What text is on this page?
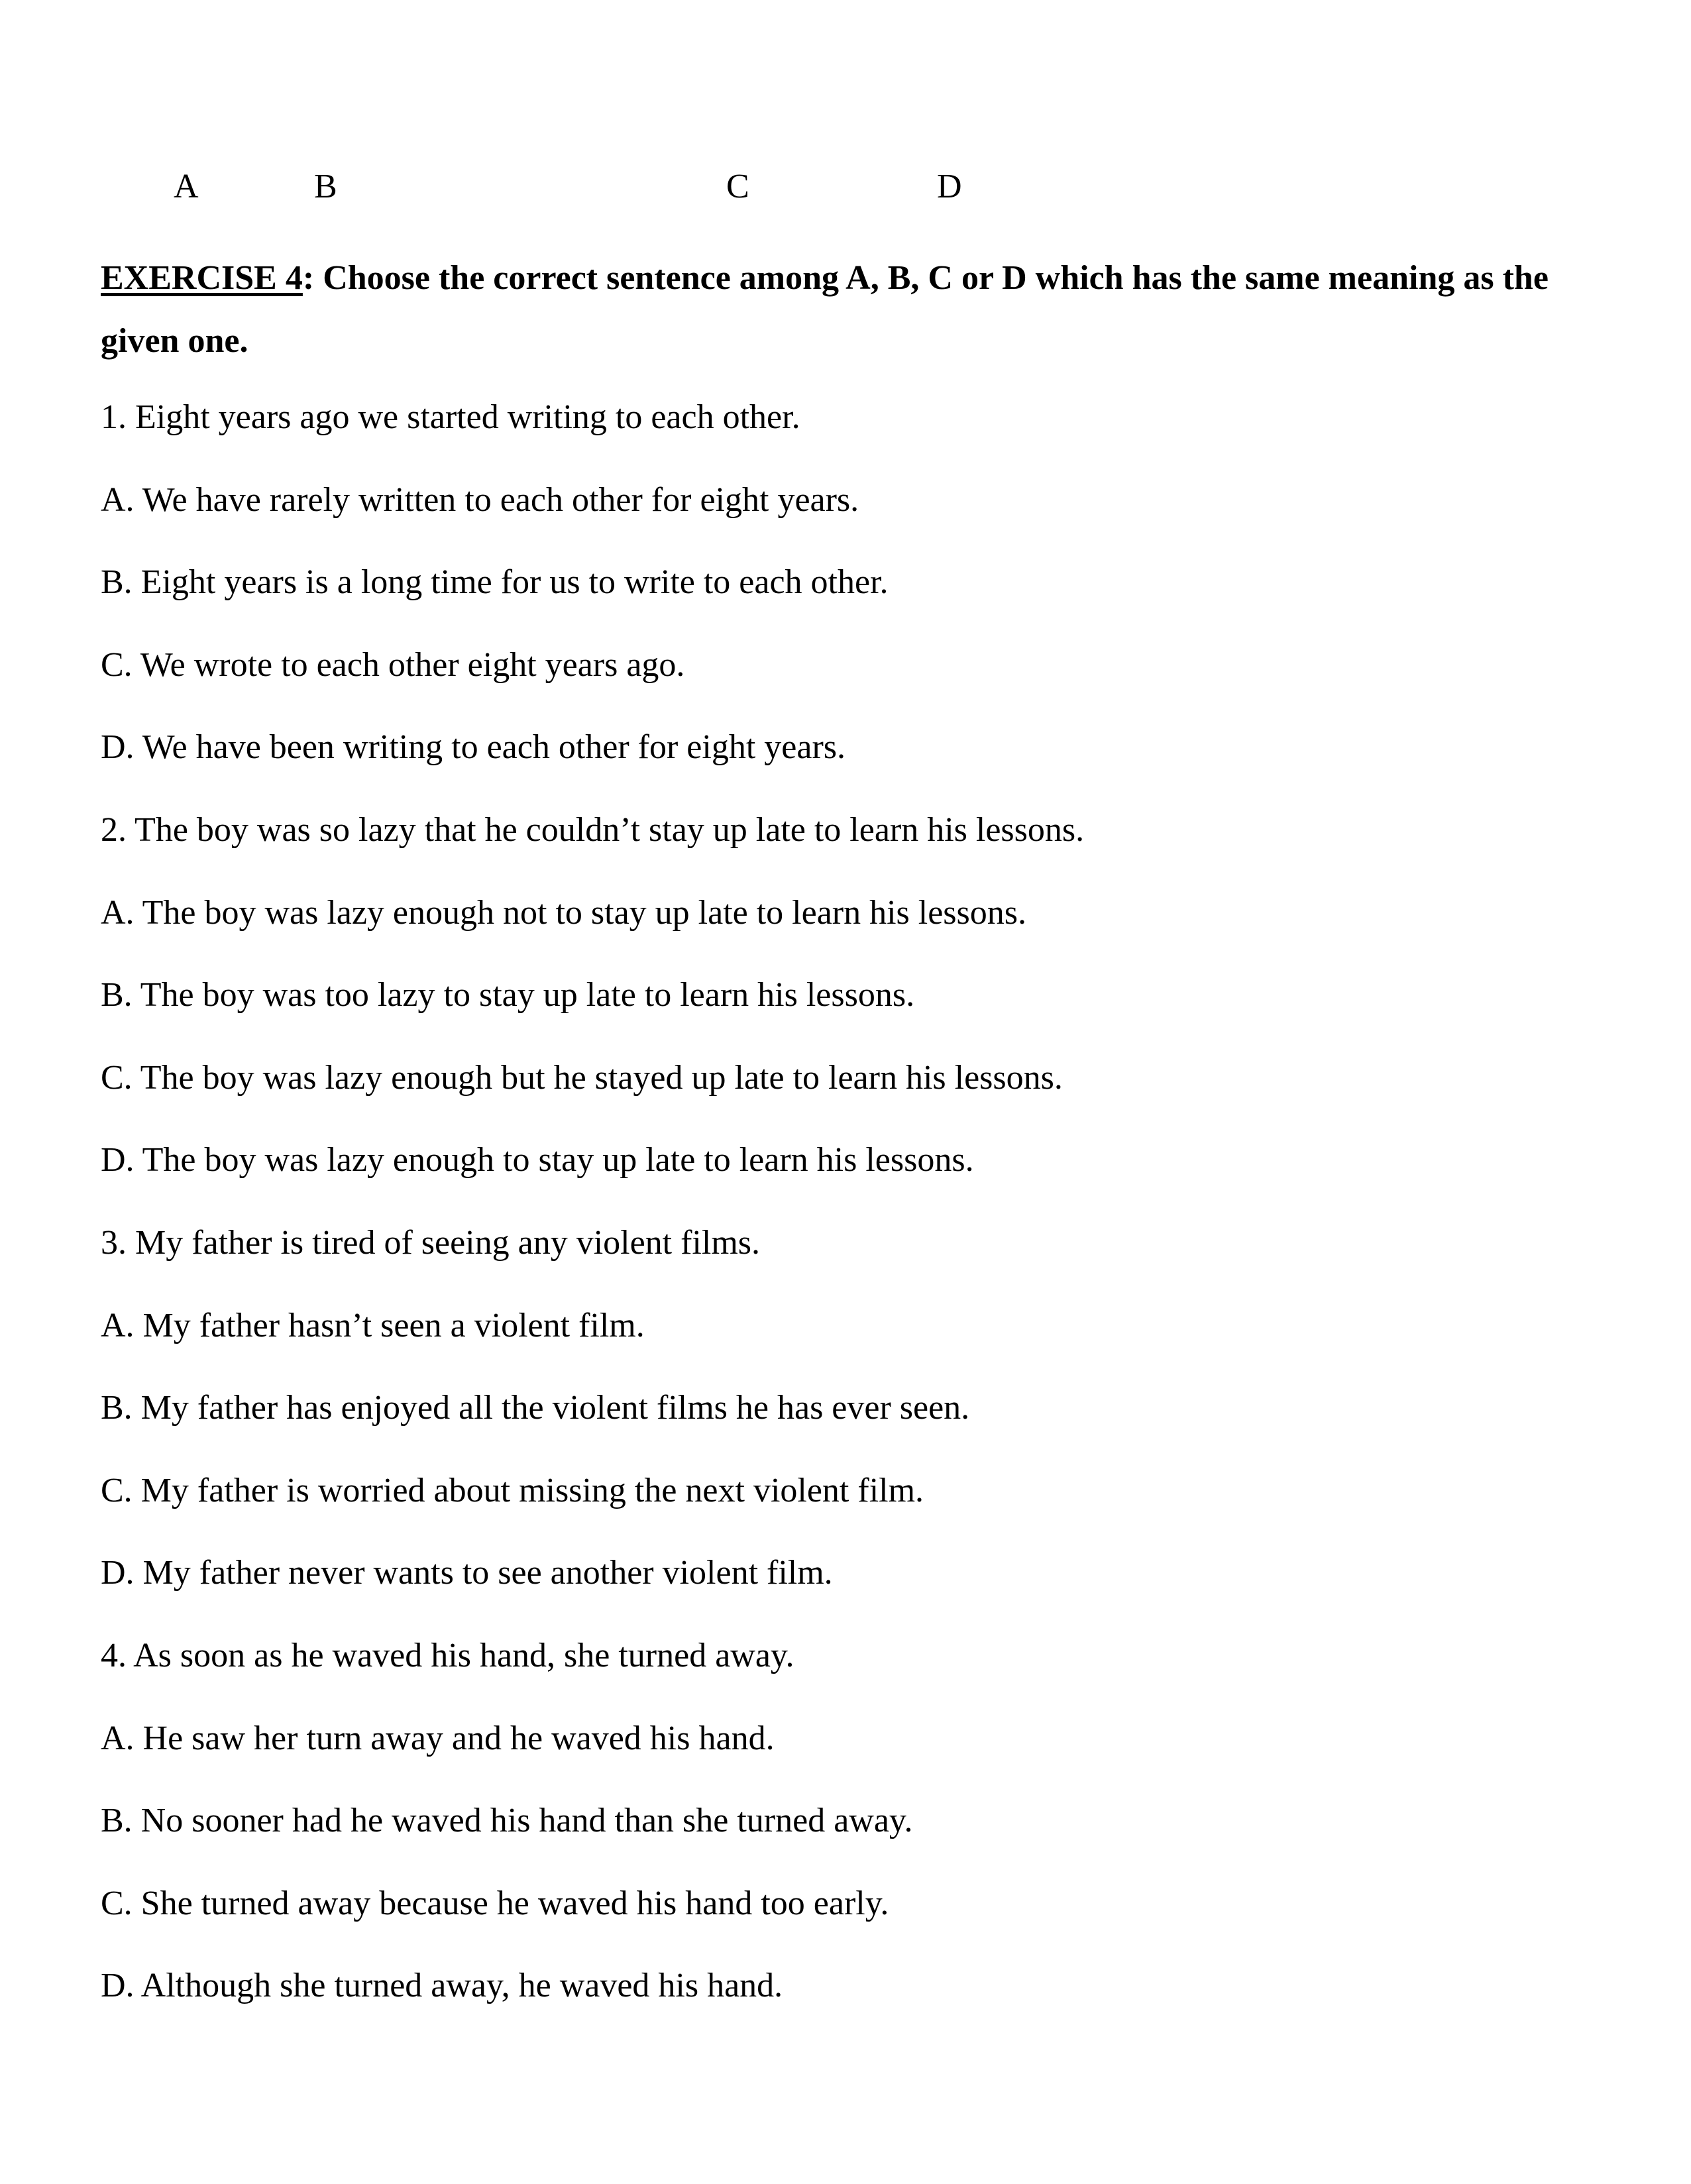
A	B	C	D
EXERCISE 4: Choose the correct sentence among A, B, C or D which has the same meaning as the given one.
1. Eight years ago we started writing to each other.
A. We have rarely written to each other for eight years.
B. Eight years is a long time for us to write to each other.
C. We wrote to each other eight years ago.
D. We have been writing to each other for eight years.
2. The boy was so lazy that he couldn’t stay up late to learn his lessons.
A. The boy was lazy enough not to stay up late to learn his lessons.
B. The boy was too lazy to stay up late to learn his lessons.
C. The boy was lazy enough but he stayed up late to learn his lessons.
D. The boy was lazy enough to stay up late to learn his lessons.
3. My father is tired of seeing any violent films.
A. My father hasn’t seen a violent film.
B. My father has enjoyed all the violent films he has ever seen.
C. My father is worried about missing the next violent film.
D. My father never wants to see another violent film.
4. As soon as he waved his hand, she turned away.
A. He saw her turn away and he waved his hand.
B. No sooner had he waved his hand than she turned away.
C. She turned away because he waved his hand too early.
D. Although she turned away, he waved his hand.
